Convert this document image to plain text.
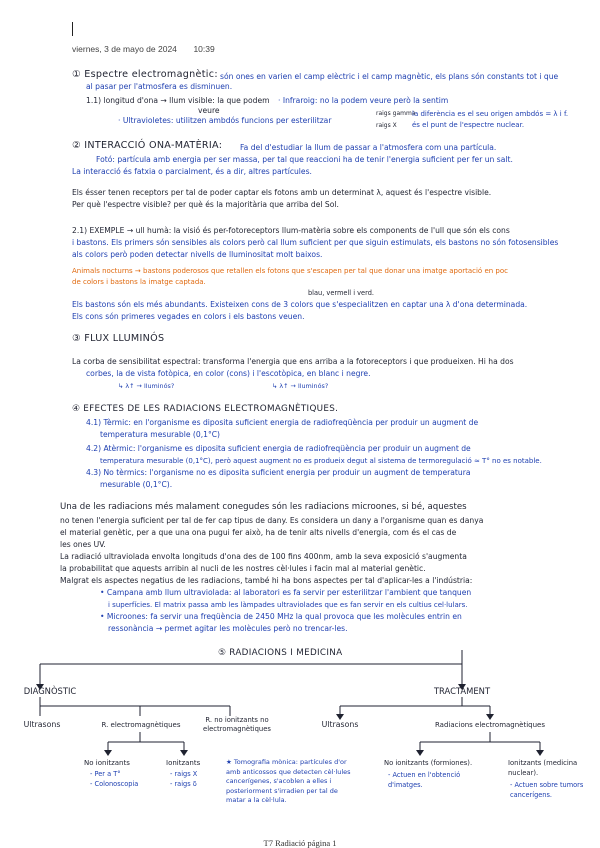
viernes, 3 de mayo de 2024 10:39
① Espectre electromagnètic: són ones en varien el camp elèctric i el camp magnètic, els plans són constants tot i que
al pasar per l'atmosfera es disminuen.
1.1) longitud d'ona → llum visible: la que podem
veure
· Infraroig: no la podem veure però la sentim
raigs gamma
raigs X
la diferència es el seu origen ambdós = λ i f.
és el punt de l'espectre nuclear.
· Ultravioletes: utilitzen ambdós funcions per esterilitzar
② INTERACCIÓ ONA-MATÈRIA: Fa del d'estudiar la llum de passar a l'atmosfera com una partícula.
Fotó: partícula amb energia per ser massa, per tal que reaccioni ha de tenir l'energia suficient per fer un salt.
La interacció és fatxia o parcialment, és a dir, altres partícules.
Els ésser tenen receptors per tal de poder captar els fotons amb un determinat λ, aquest és l'espectre visible.
Per què l'espectre visible? per què és la majoritària que arriba del Sol.
2.1) EXEMPLE → ull humà: la visió és per-fotoreceptors llum-matèria sobre els components de l'ull que són els cons
i bastons. Els primers són sensibles als colors però cal llum suficient per que siguin estimulats, els bastons no són fotosensibles
als colors però poden detectar nivells de lluminositat molt baixos.
Animals nocturns → bastons poderosos que retallen els fotons que s'escapen per tal que donar una imatge aportació en poc
de colors i bastons la imatge captada.
blau, vermell i verd.
Els bastons són els més abundants. Existeixen cons de 3 colors que s'especialitzen en captar una λ d'ona determinada.
Els cons són primeres vegades en colors i els bastons veuen.
③ FLUX LLUMINÓS
La corba de sensibilitat espectral: transforma l'energia que ens arriba a la fotoreceptors i que produeixen. Hi ha dos
corbes, la de vista fotòpica, en color (cons) i l'escotòpica, en blanc i negre.
↳ λ↑ → lluminós?	↳ λ↑ → lluminós?
④ EFECTES DE LES RADIACIONS ELECTROMAGNÈTIQUES.
4.1) Tèrmic: en l'organisme es diposita suficient energia de radiofreqüència per produir un augment de
temperatura mesurable (0,1°C)
4.2) Atèrmic: l'organisme es diposita suficient energia de radiofreqüència per produir un augment de
temperatura mesurable (0,1°C), però aquest augment no es produeix degut al sistema de termoregulació ≈ T° no es notable.
4.3) No tèrmics: l'organisme no es diposita suficient energia per produir un augment de temperatura
mesurable (0,1°C).
Una de les radiacions més malament conegudes són les radiacions microones, si bé, aquestes
no tenen l'energia suficient per tal de fer cap tipus de dany. Es considera un dany a l'organisme quan es danya
el material genètic, per a que una ona pugui fer això, ha de tenir alts nivells d'energia, com és el cas de
les ones UV.
La radiació ultraviolada envolta longituds d'ona des de 100 fins 400nm, amb la seva exposició s'augmenta
la probabilitat que aquests arribin al nucli de les nostres cèl·lules i facin mal al material genètic.
Malgrat els aspectes negatius de les radiacions, també hi ha bons aspectes per tal d'aplicar-les a l'indústria:
• Campana amb llum ultraviolada: al laboratori es fa servir per esterilitzar l'ambient que tanquen
i superfícies. El matrix passa amb les làmpades ultraviolades que es fan servir en els cultius cel·lulars.
• Microones: fa servir una freqüència de 2450 MHz la qual provoca que les molècules entrin en
ressonància → permet agitar les molècules però no trencar-les.
⑤ RADIACIONS I MEDICINA
DIAGNÒSTIC	TRACTAMENT
Ultrasons	R. electromagnètiques
R. no ionitzants no electromagnètiques	Ultrasons	Radiacions electromagnètiques
No ionitzants
- Per a T°
- Colonoscopia
Ionitzants
- raigs X
- raigs δ
★ Tomografia mònica: partícules d'or amb anticossos que detecten cèl·lules cancerígenes, s'acoblen a elles i posteriorment s'irradien per tal de matar a la cèl·lula.
No ionitzants (formiones).
- Actuen en l'obtenció d'imatges.
Ionitzants (medicina nuclear).
- Actuen sobre tumors cancerígens.
T7 Radiació página 1
